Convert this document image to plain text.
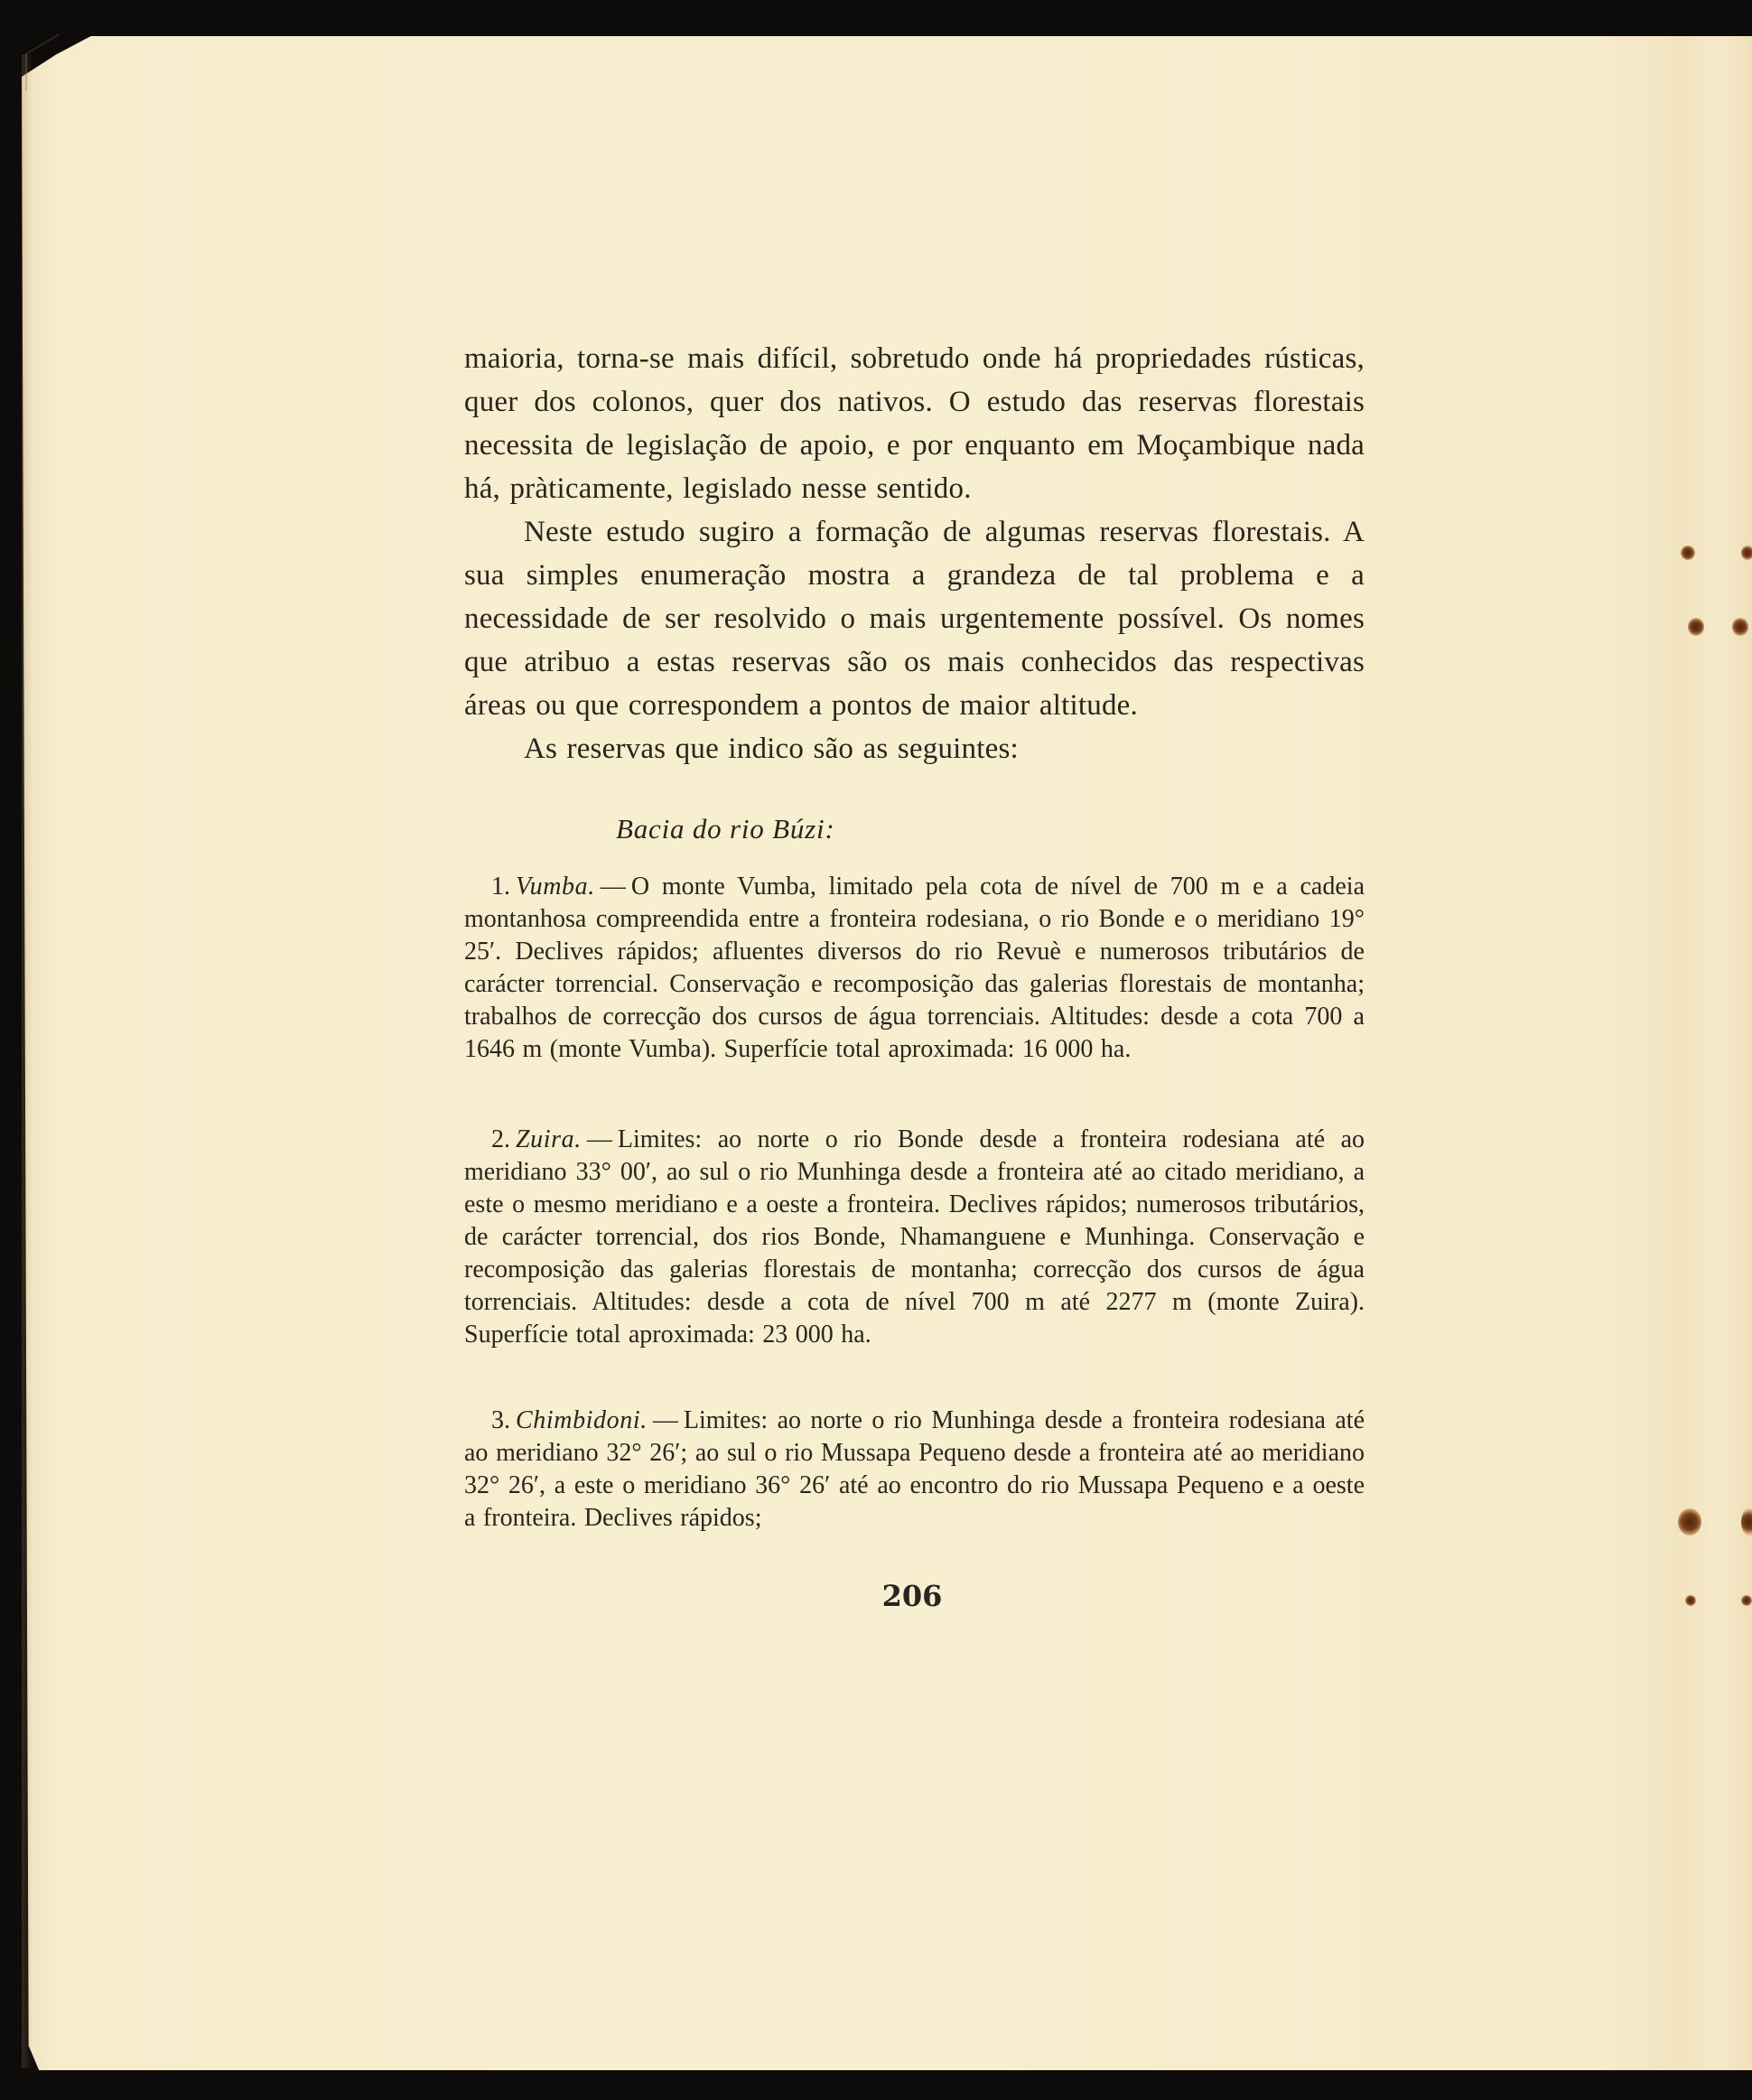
maioria, torna-se mais difícil, sobretudo onde há propriedades rústicas, quer dos colonos, quer dos nativos. O estudo das reservas florestais necessita de legislação de apoio, e por enquanto em Moçambique nada há, pràticamente, legislado nesse sentido.

Neste estudo sugiro a formação de algumas reservas florestais. A sua simples enumeração mostra a grandeza de tal problema e a necessidade de ser resolvido o mais urgentemente possível. Os nomes que atribuo a estas reservas são os mais conhecidos das respectivas áreas ou que correspondem a pontos de maior altitude.

As reservas que indico são as seguintes:

Bacia do rio Búzi:

1. Vumba. — O monte Vumba, limitado pela cota de nível de 700 m e a cadeia montanhosa compreendida entre a fronteira rodesiana, o rio Bonde e o meridiano 19° 25′. Declives rápidos; afluentes diversos do rio Revuè e numerosos tributários de carácter torrencial. Conservação e recomposição das galerias florestais de montanha; trabalhos de correcção dos cursos de água torrenciais. Altitudes: desde a cota 700 a 1646 m (monte Vumba). Superfície total aproximada: 16 000 ha.

2. Zuira. — Limites: ao norte o rio Bonde desde a fronteira rodesiana até ao meridiano 33° 00′, ao sul o rio Munhinga desde a fronteira até ao citado meridiano, a este o mesmo meridiano e a oeste a fronteira. Declives rápidos; numerosos tributários, de carácter torrencial, dos rios Bonde, Nhamanguene e Munhinga. Conservação e recomposição das galerias florestais de montanha; correcção dos cursos de água torrenciais. Altitudes: desde a cota de nível 700 m até 2277 m (monte Zuira). Superfície total aproximada: 23 000 ha.

3. Chimbidoni. — Limites: ao norte o rio Munhinga desde a fronteira rodesiana até ao meridiano 32° 26′; ao sul o rio Mussapa Pequeno desde a fronteira até ao meridiano 32° 26′, a este o meridiano 36° 26′ até ao encontro do rio Mussapa Pequeno e a oeste a fronteira. Declives rápidos;

206
